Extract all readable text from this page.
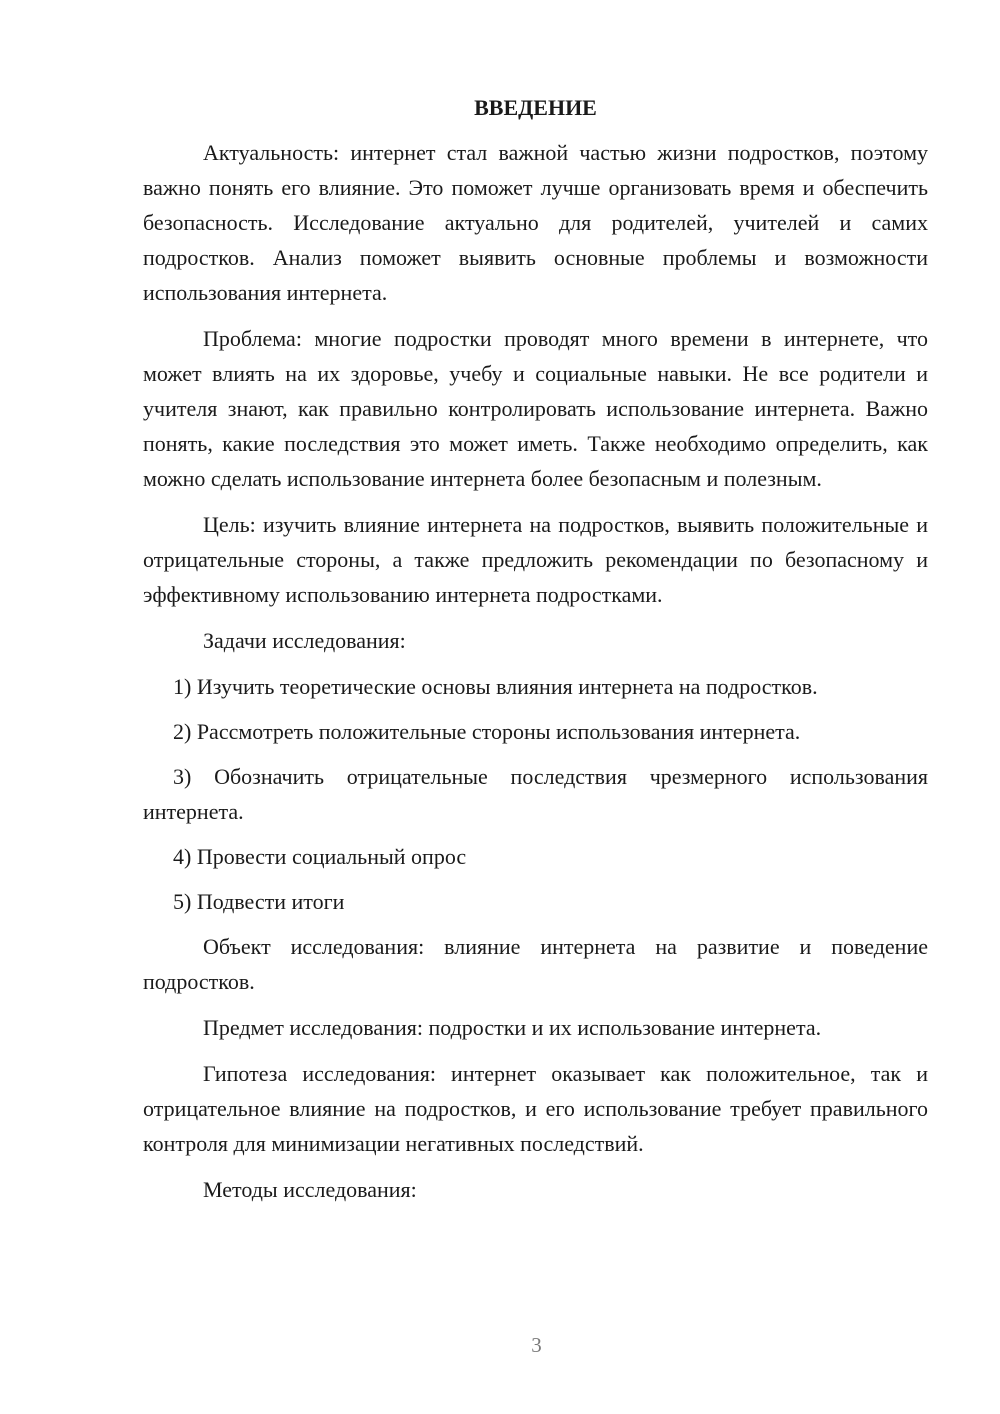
ВВЕДЕНИЕ

Актуальность: интернет стал важной частью жизни подростков, поэтому важно понять его влияние. Это поможет лучше организовать время и обеспечить безопасность. Исследование актуально для родителей, учителей и самих подростков. Анализ поможет выявить основные проблемы и возможности использования интернета.

Проблема: многие подростки проводят много времени в интернете, что может влиять на их здоровье, учебу и социальные навыки. Не все родители и учителя знают, как правильно контролировать использование интернета. Важно понять, какие последствия это может иметь. Также необходимо определить, как можно сделать использование интернета более безопасным и полезным.

Цель: изучить влияние интернета на подростков, выявить положительные и отрицательные стороны, а также предложить рекомендации по безопасному и эффективному использованию интернета подростками.

Задачи исследования:

1) Изучить теоретические основы влияния интернета на подростков.

2) Рассмотреть положительные стороны использования интернета.

3) Обозначить отрицательные последствия чрезмерного использования интернета.

4) Провести социальный опрос

5) Подвести итоги

Объект исследования: влияние интернета на развитие и поведение подростков.

Предмет исследования: подростки и их использование интернета.

Гипотеза исследования: интернет оказывает как положительное, так и отрицательное влияние на подростков, и его использование требует правильного контроля для минимизации негативных последствий.

Методы исследования:

3
